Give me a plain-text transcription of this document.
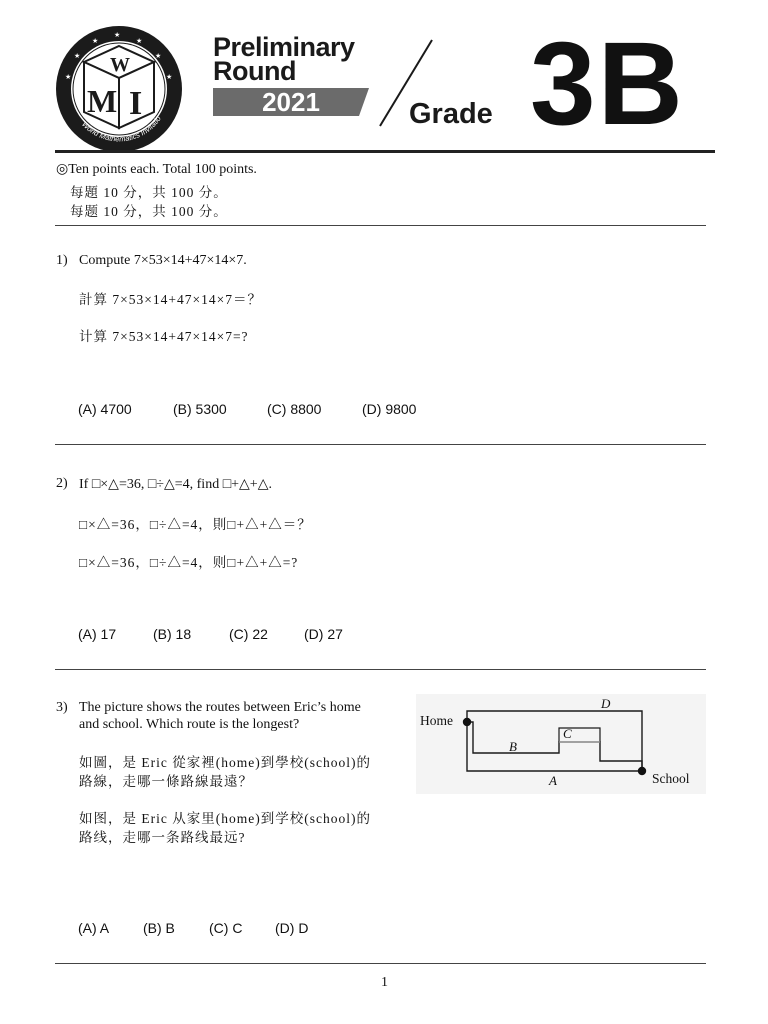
★
★	★
★	★
★	★
W
M I
World Mathematics Invitatio
Preliminary
Round
2021	Grade 3B
◎Ten points each. Total 100 points.
每題 10 分，共 100 分。
每题 10 分，共 100 分。
1) Compute 7×53×14+47×14×7.
計算 7×53×14+47×14×7＝？
计算 7×53×14+47×14×7=?
(A) 4700	(B) 5300	(C) 8800	(D) 9800
2) If □×△=36, □÷△=4, find □+△+△.
□×△=36，□÷△=4，則□+△+△＝？
□×△=36，□÷△=4，则□+△+△=?
(A) 17	(B) 18	(C) 22	(D) 27
3) The picture shows the routes between Eric’s home
and school. Which route is the longest?
如圖，是 Eric 從家裡(home)到學校(school)的
路線，走哪一條路線最遠？
如图，是 Eric 从家里(home)到学校(school)的
路线，走哪一条路线最远?
Home
School
D
C
B
A
(A) A (B) B (C) C (D) D
1
